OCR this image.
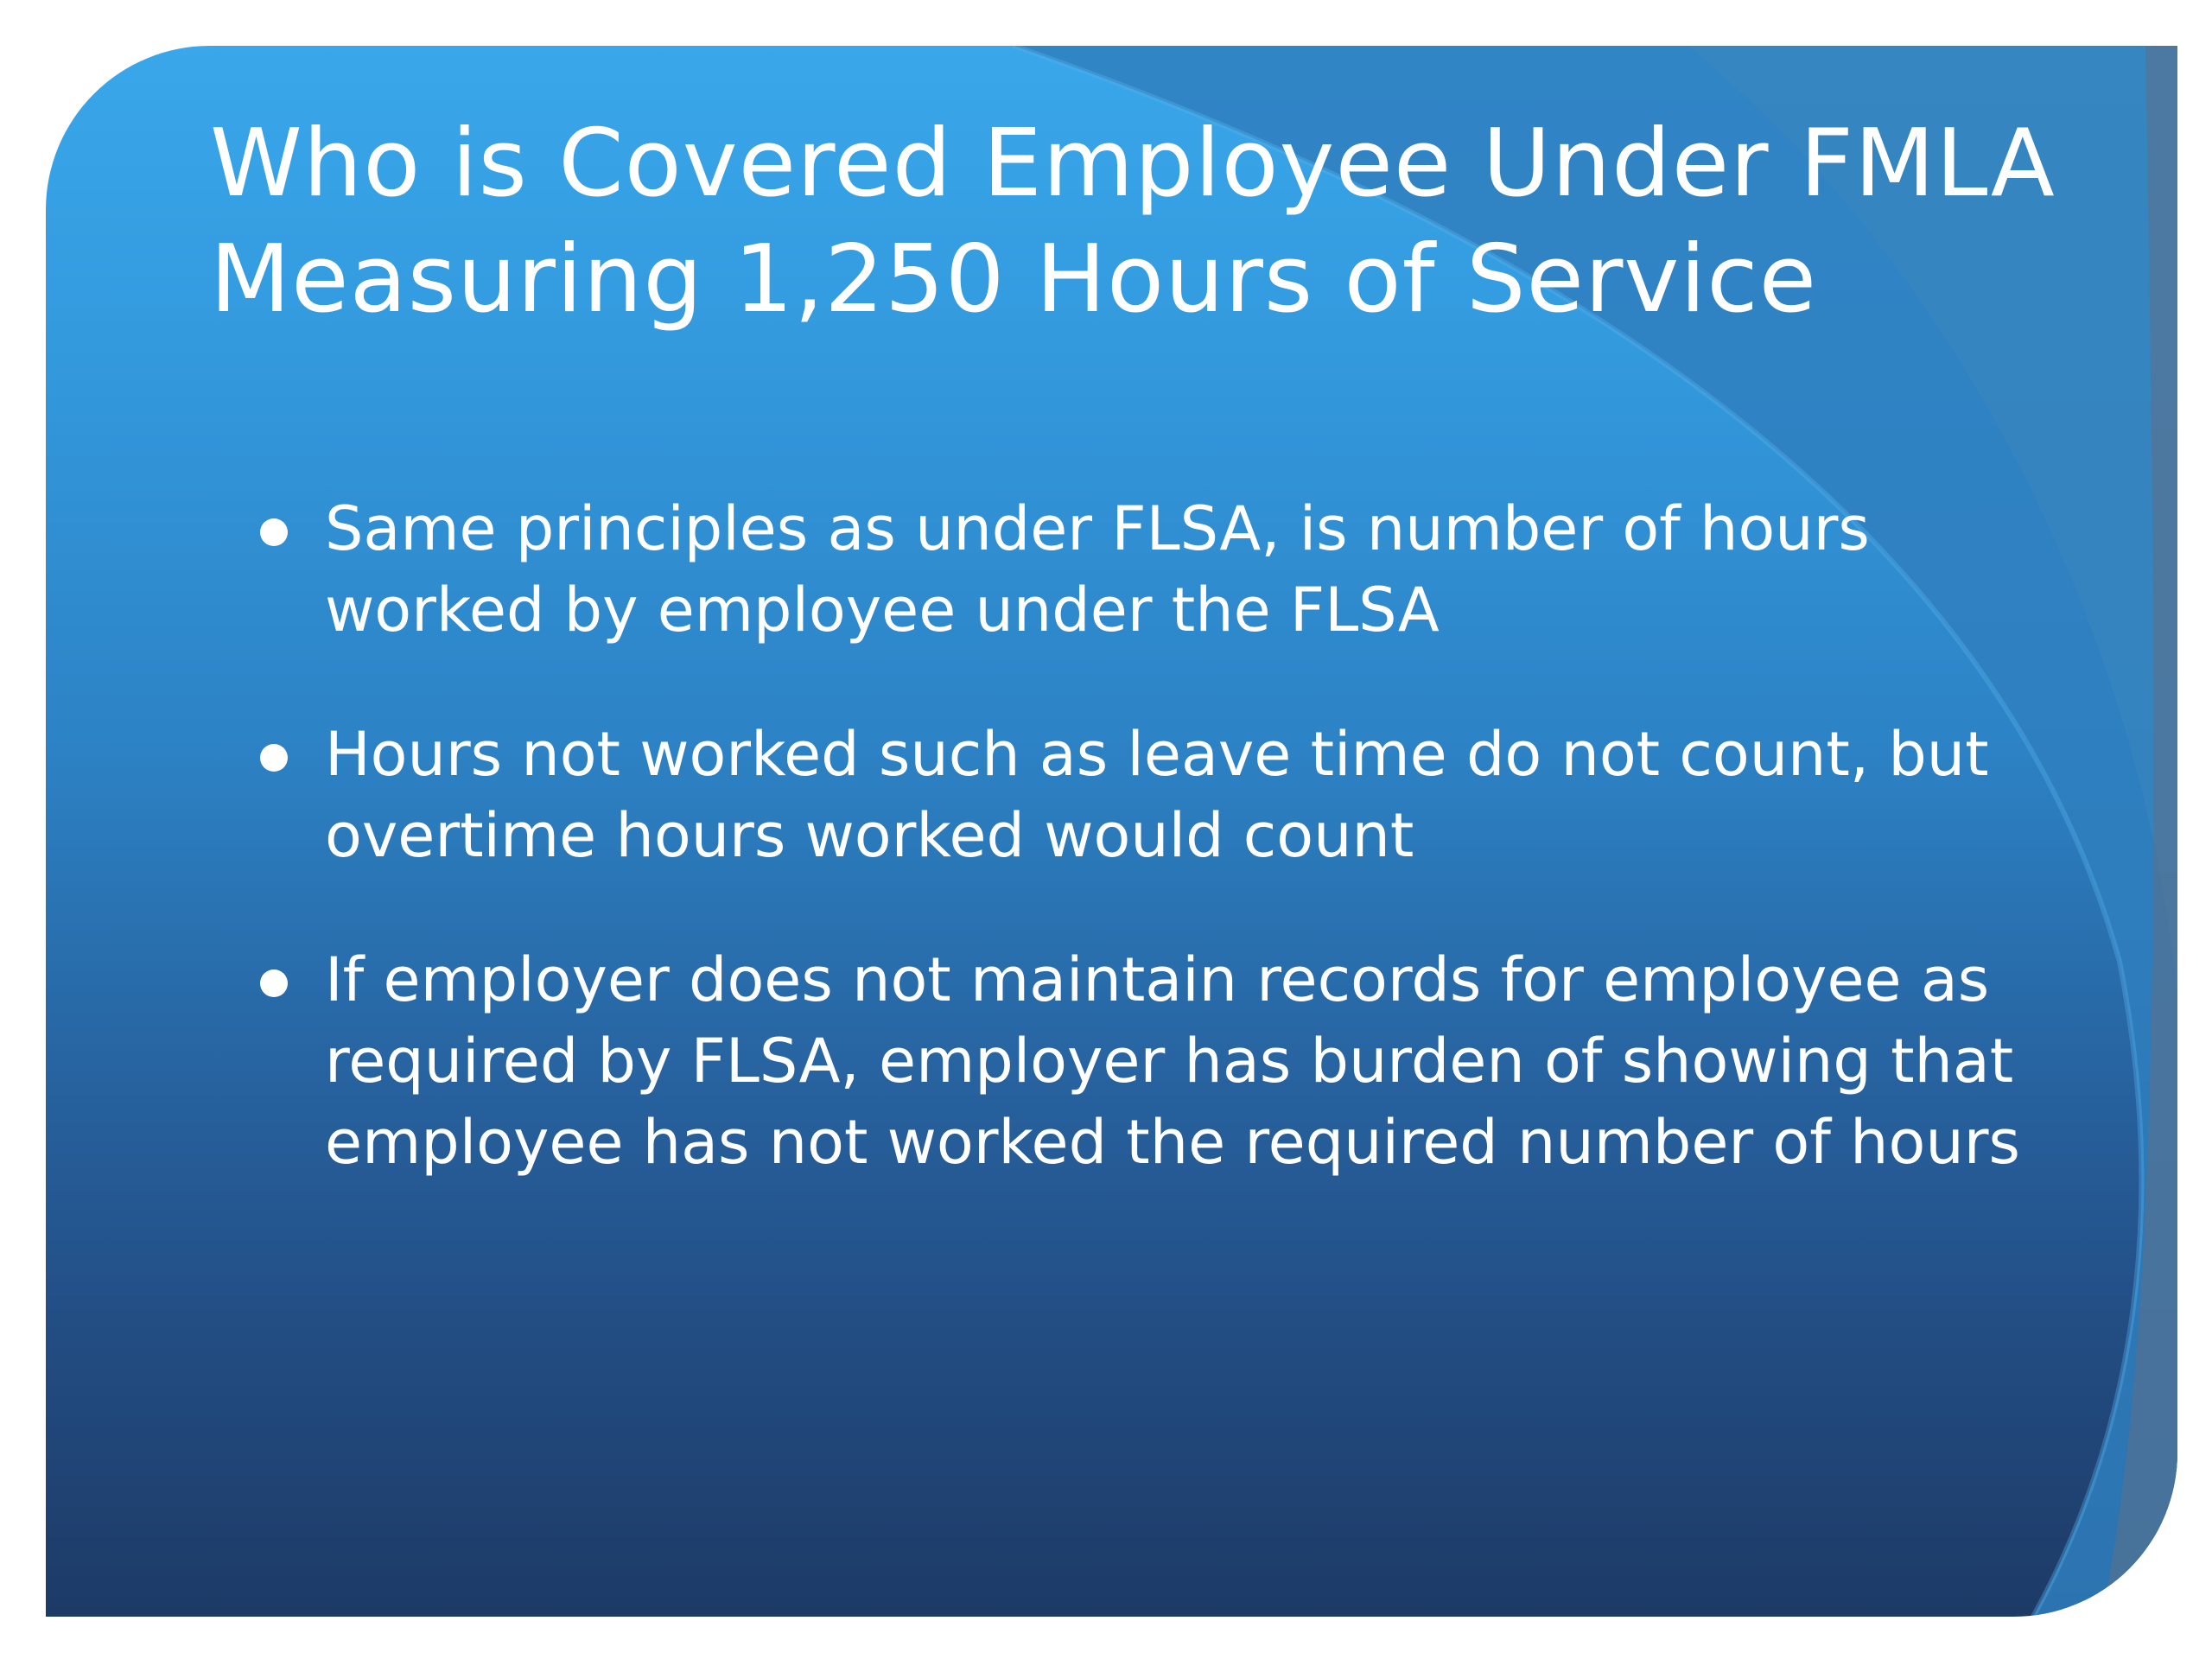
Who is Covered Employee Under FMLA
Measuring 1,250 Hours of Service
Same principles as under FLSA, is number of hours worked by employee under the FLSA
Hours not worked such as leave time do not count, but overtime hours worked would count
If employer does not maintain records for employee as required by FLSA, employer has burden of showing that employee has not worked the required number of hours
